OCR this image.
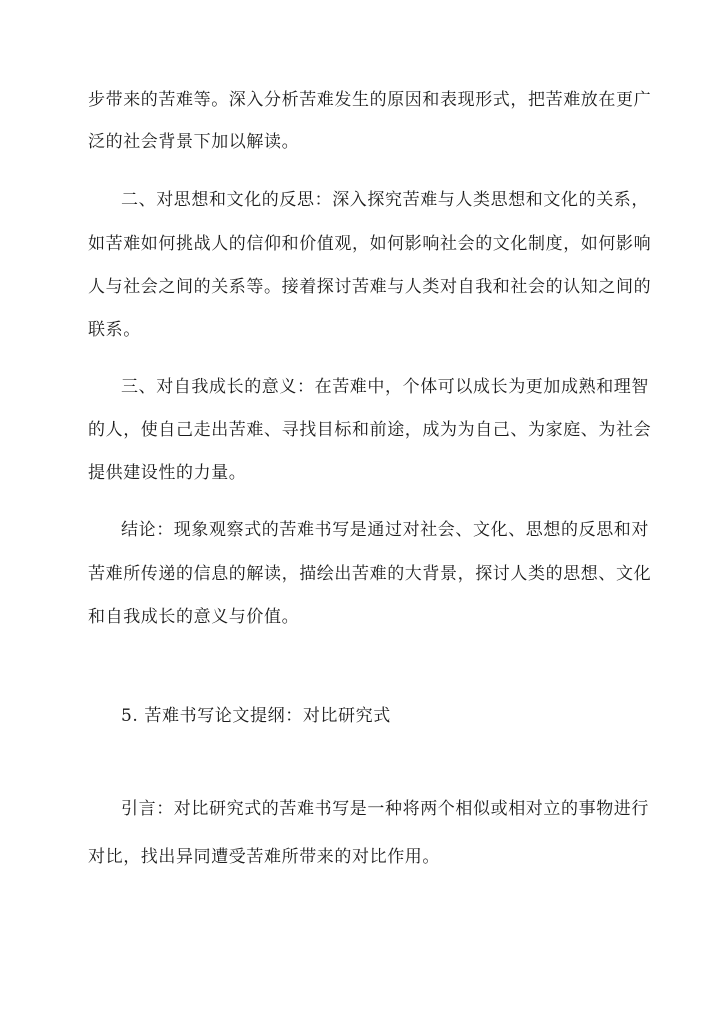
步带来的苦难等。深入分析苦难发生的原因和表现形式，把苦难放在更广
泛的社会背景下加以解读。
二、对思想和文化的反思：深入探究苦难与人类思想和文化的关系，
如苦难如何挑战人的信仰和价值观，如何影响社会的文化制度，如何影响
人与社会之间的关系等。接着探讨苦难与人类对自我和社会的认知之间的
联系。
三、对自我成长的意义：在苦难中，个体可以成长为更加成熟和理智
的人，使自己走出苦难、寻找目标和前途，成为为自己、为家庭、为社会
提供建设性的力量。
结论：现象观察式的苦难书写是通过对社会、文化、思想的反思和对
苦难所传递的信息的解读，描绘出苦难的大背景，探讨人类的思想、文化
和自我成长的意义与价值。
5. 苦难书写论文提纲：对比研究式
引言：对比研究式的苦难书写是一种将两个相似或相对立的事物进行
对比，找出异同遭受苦难所带来的对比作用。
